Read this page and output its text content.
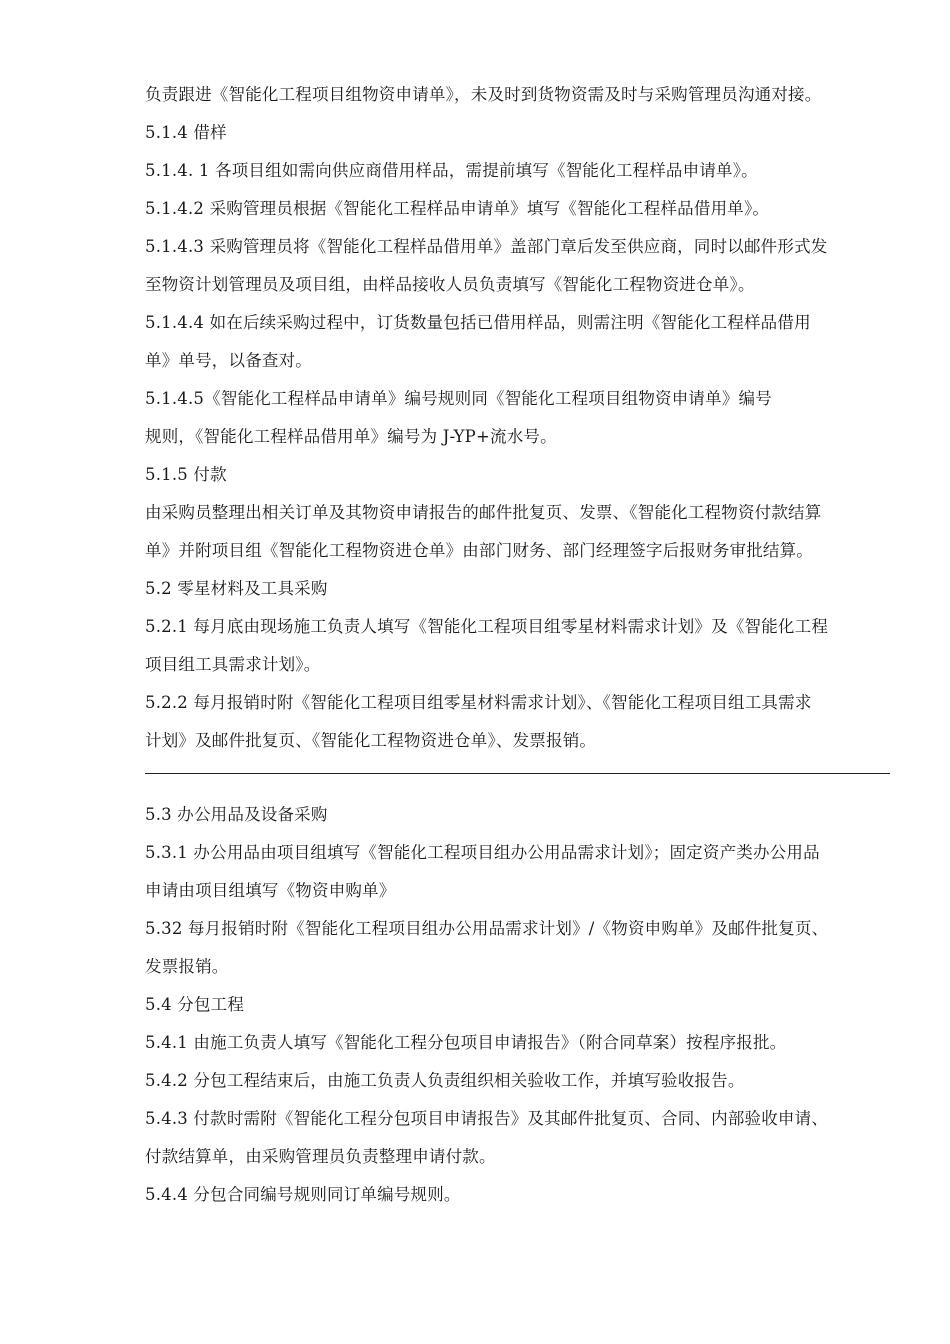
负责跟进《智能化工程项目组物资申请单》，未及时到货物资需及时与采购管理员沟通对接。
5.1.4 借样
5.1.4. 1 各项目组如需向供应商借用样品，需提前填写《智能化工程样品申请单》。
5.1.4.2 采购管理员根据《智能化工程样品申请单》填写《智能化工程样品借用单》。
5.1.4.3 采购管理员将《智能化工程样品借用单》盖部门章后发至供应商，同时以邮件形式发
至物资计划管理员及项目组，由样品接收人员负责填写《智能化工程物资进仓单》。
5.1.4.4 如在后续采购过程中，订货数量包括已借用样品，则需注明《智能化工程样品借用
单》单号，以备查对。
5.1.4.5《智能化工程样品申请单》编号规则同《智能化工程项目组物资申请单》编号
规则，《智能化工程样品借用单》编号为 J-YP+流水号。
5.1.5 付款
由采购员整理出相关订单及其物资申请报告的邮件批复页、发票、《智能化工程物资付款结算
单》并附项目组《智能化工程物资进仓单》由部门财务、部门经理签字后报财务审批结算。
5.2 零星材料及工具采购
5.2.1 每月底由现场施工负责人填写《智能化工程项目组零星材料需求计划》及《智能化工程
项目组工具需求计划》。
5.2.2 每月报销时附《智能化工程项目组零星材料需求计划》、《智能化工程项目组工具需求
计划》及邮件批复页、《智能化工程物资进仓单》、发票报销。
5.3 办公用品及设备采购
5.3.1 办公用品由项目组填写《智能化工程项目组办公用品需求计划》；固定资产类办公用品
申请由项目组填写《物资申购单》
5.32 每月报销时附《智能化工程项目组办公用品需求计划》/《物资申购单》及邮件批复页、
发票报销。
5.4 分包工程
5.4.1 由施工负责人填写《智能化工程分包项目申请报告》（附合同草案）按程序报批。
5.4.2 分包工程结束后，由施工负责人负责组织相关验收工作，并填写验收报告。
5.4.3 付款时需附《智能化工程分包项目申请报告》及其邮件批复页、合同、内部验收申请、
付款结算单，由采购管理员负责整理申请付款。
5.4.4 分包合同编号规则同订单编号规则。
